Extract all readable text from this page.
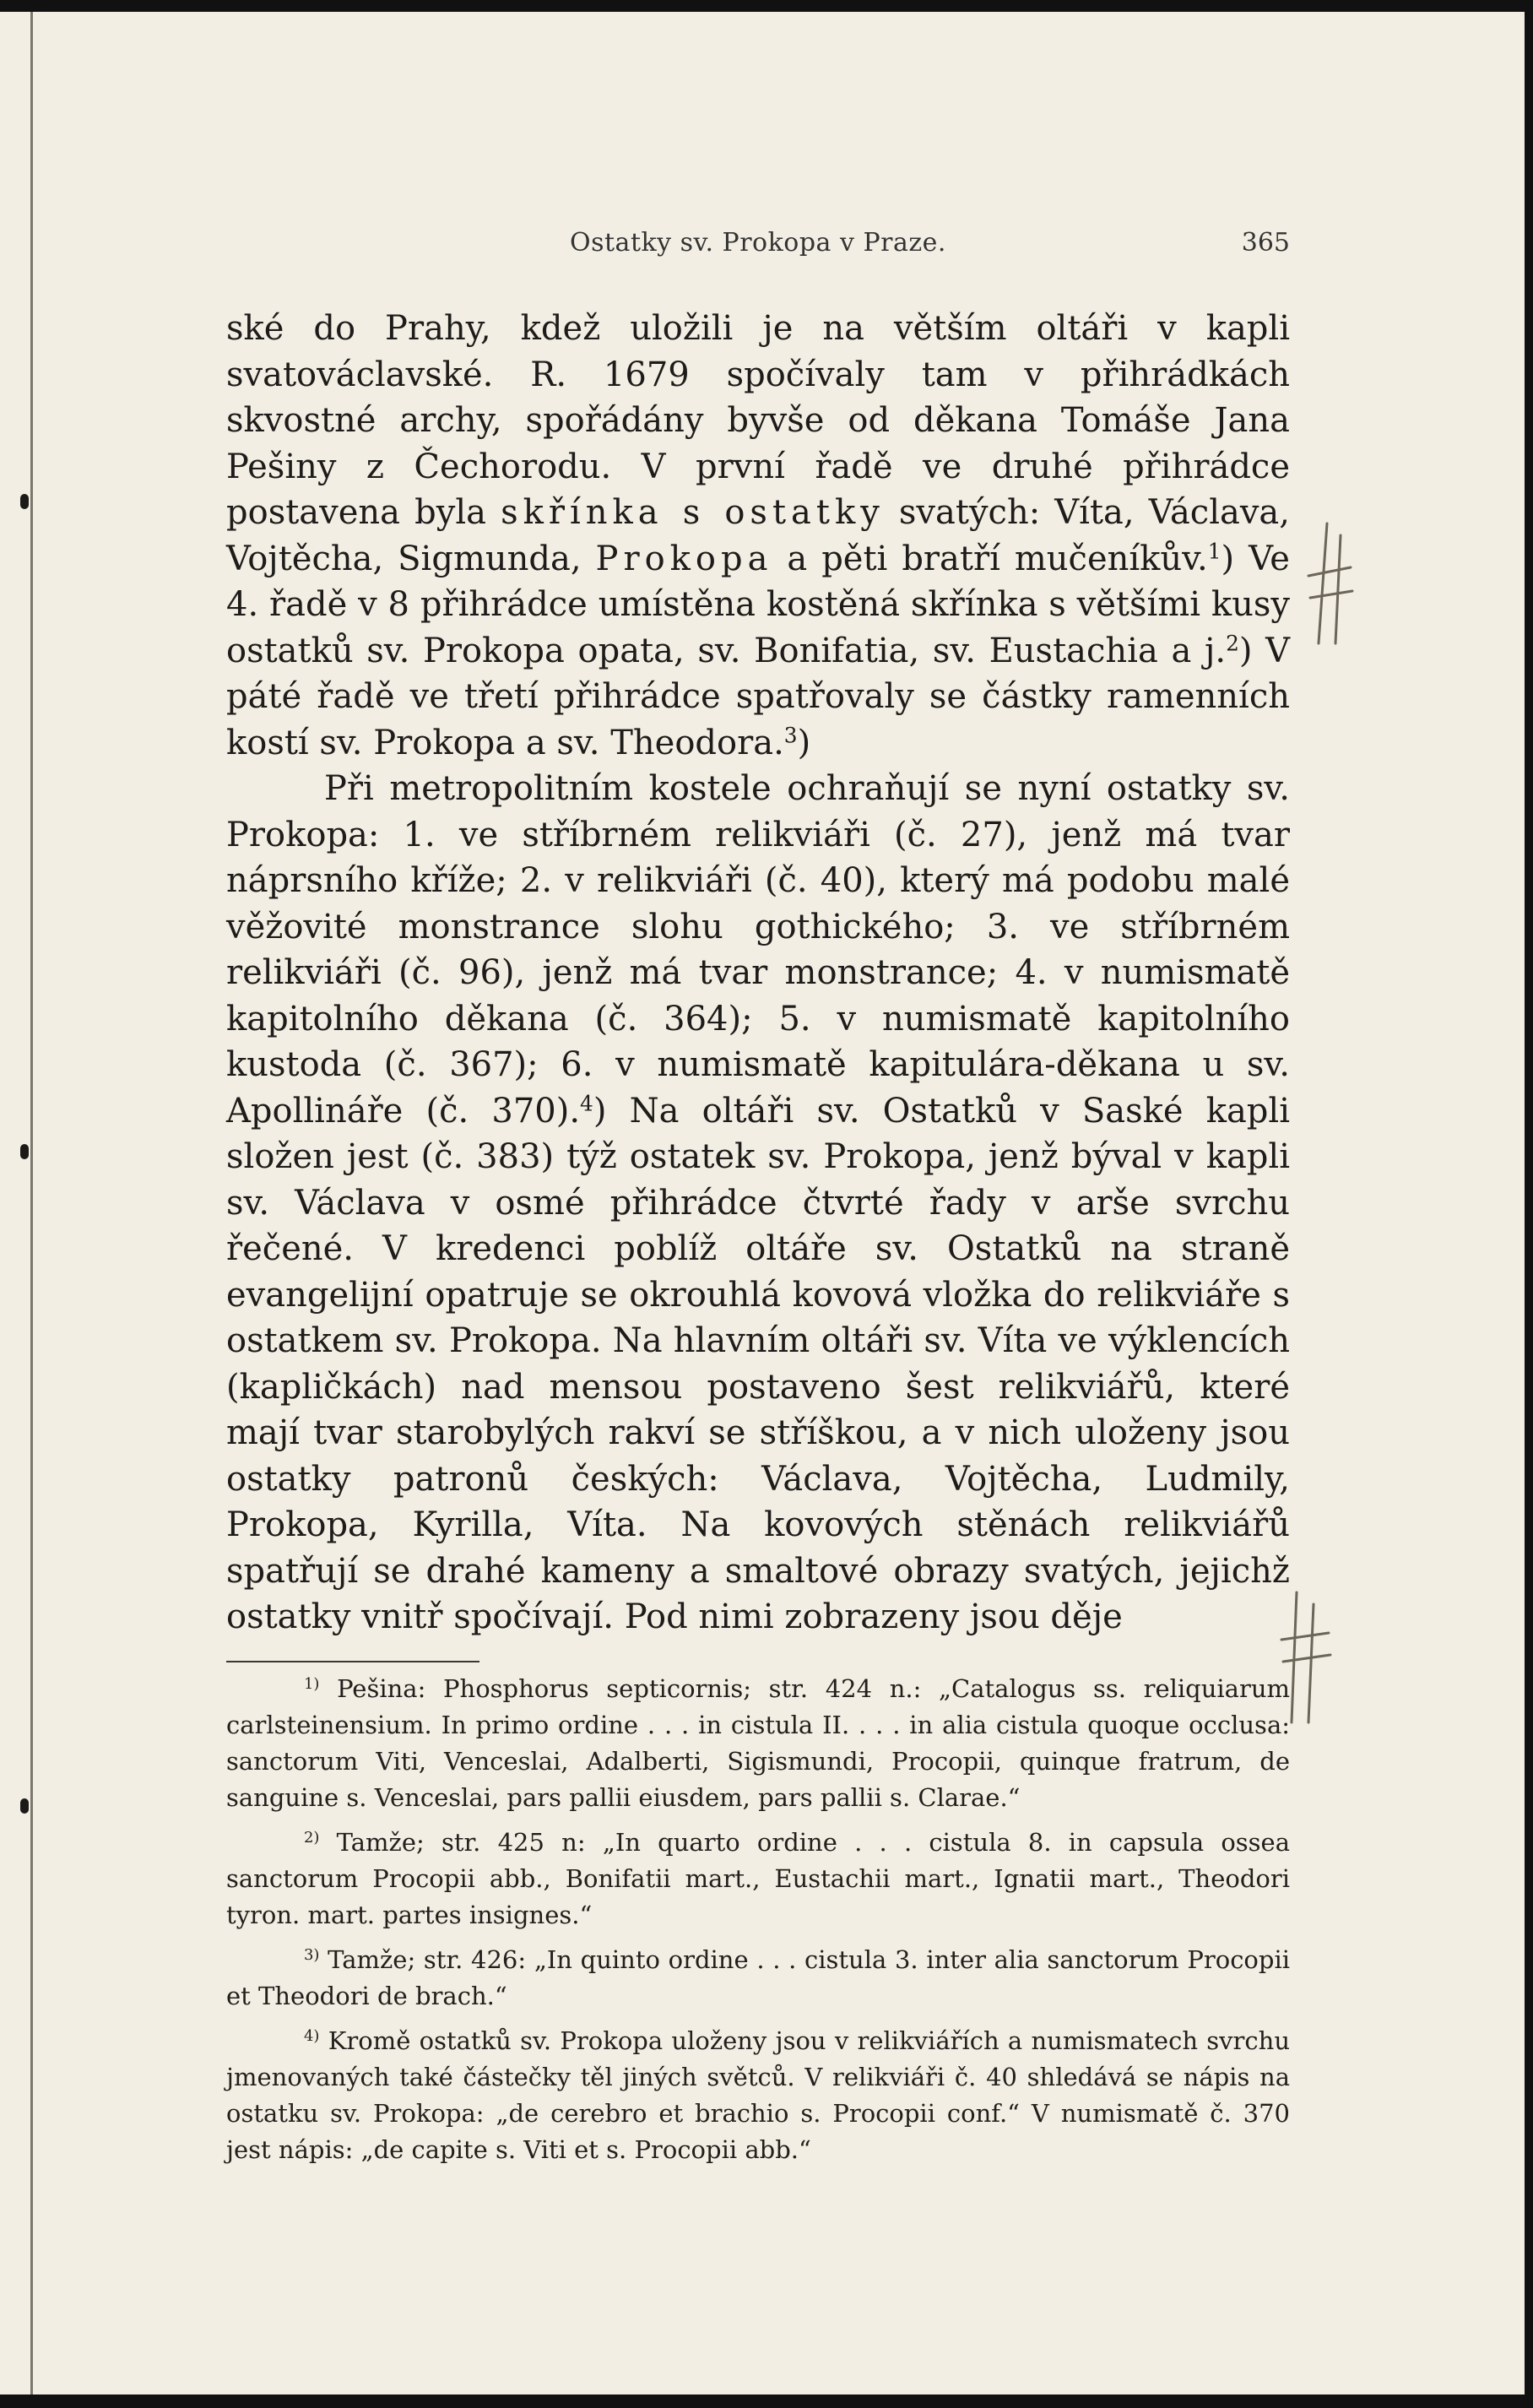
Ostatky sv. Prokopa v Praze.	365

ské do Prahy, kdež uložili je na větším oltáři v kapli svatováclavské. R. 1679 spočívaly tam v přihrádkách skvostné archy, spořádány byvše od děkana Tomáše Jana Pešiny z Čechorodu. V první řadě ve druhé přihrádce postavena byla skřínka s ostatky svatých: Víta, Václava, Vojtěcha, Sigmunda, Prokopa a pěti bratří mučeníkův.$^1$) Ve 4. řadě v 8 přihrádce umístěna kostěná skřínka s většími kusy ostatků sv. Prokopa opata, sv. Bonifatia, sv. Eustachia a j.$^2$) V páté řadě ve třetí přihrádce spatřovaly se částky ramenních kostí sv. Prokopa a sv. Theodora.$^3$)

Při metropolitním kostele ochraňují se nyní ostatky sv. Prokopa: 1. ve stříbrném relikviáři (č. 27), jenž má tvar náprsního kříže; 2. v relikviáři (č. 40), který má podobu malé věžovité monstrance slohu gothického; 3. ve stříbrném relikviáři (č. 96), jenž má tvar monstrance; 4. v numismatě kapitolního děkana (č. 364); 5. v numismatě kapitolního kustoda (č. 367); 6. v numismatě kapitulára-děkana u sv. Apollináře (č. 370).$^4$) Na oltáři sv. Ostatků v Saské kapli složen jest (č. 383) týž ostatek sv. Prokopa, jenž býval v kapli sv. Václava v osmé přihrádce čtvrté řady v arše svrchu řečené. V kredenci poblíž oltáře sv. Ostatků na straně evangelijní opatruje se okrouhlá kovová vložka do relikviáře s ostatkem sv. Prokopa. Na hlavním oltáři sv. Víta ve výklencích (kapličkách) nad mensou postaveno šest relikviářů, které mají tvar starobylých rakví se stříškou, a v nich uloženy jsou ostatky patronů českých: Václava, Vojtěcha, Ludmily, Prokopa, Kyrilla, Víta. Na kovových stěnách relikviářů spatřují se drahé kameny a smaltové obrazy svatých, jejichž ostatky vnitř spočívají. Pod nimi zobrazeny jsou děje

$^{1)}$ Pešina: Phosphorus septicornis; str. 424 n.: „Catalogus ss. reliquiarum carlsteinensium. In primo ordine . . . in cistula II. . . . in alia cistula quoque occlusa: sanctorum Viti, Venceslai, Adalberti, Sigismundi, Procopii, quinque fratrum, de sanguine s. Venceslai, pars pallii eiusdem, pars pallii s. Clarae.“

$^{2)}$ Tamže; str. 425 n: „In quarto ordine . . . cistula 8. in capsula ossea sanctorum Procopii abb., Bonifatii mart., Eustachii mart., Ignatii mart., Theodori tyron. mart. partes insignes.“

$^{3)}$ Tamže; str. 426: „In quinto ordine . . . cistula 3. inter alia sanctorum Procopii et Theodori de brach.“

$^{4)}$ Kromě ostatků sv. Prokopa uloženy jsou v relikviářích a numismatech svrchu jmenovaných také částečky těl jiných světců. V relikviáři č. 40 shledává se nápis na ostatku sv. Prokopa: „de cerebro et brachio s. Procopii conf.“ V numismatě č. 370 jest nápis: „de capite s. Viti et s. Procopii abb.“
